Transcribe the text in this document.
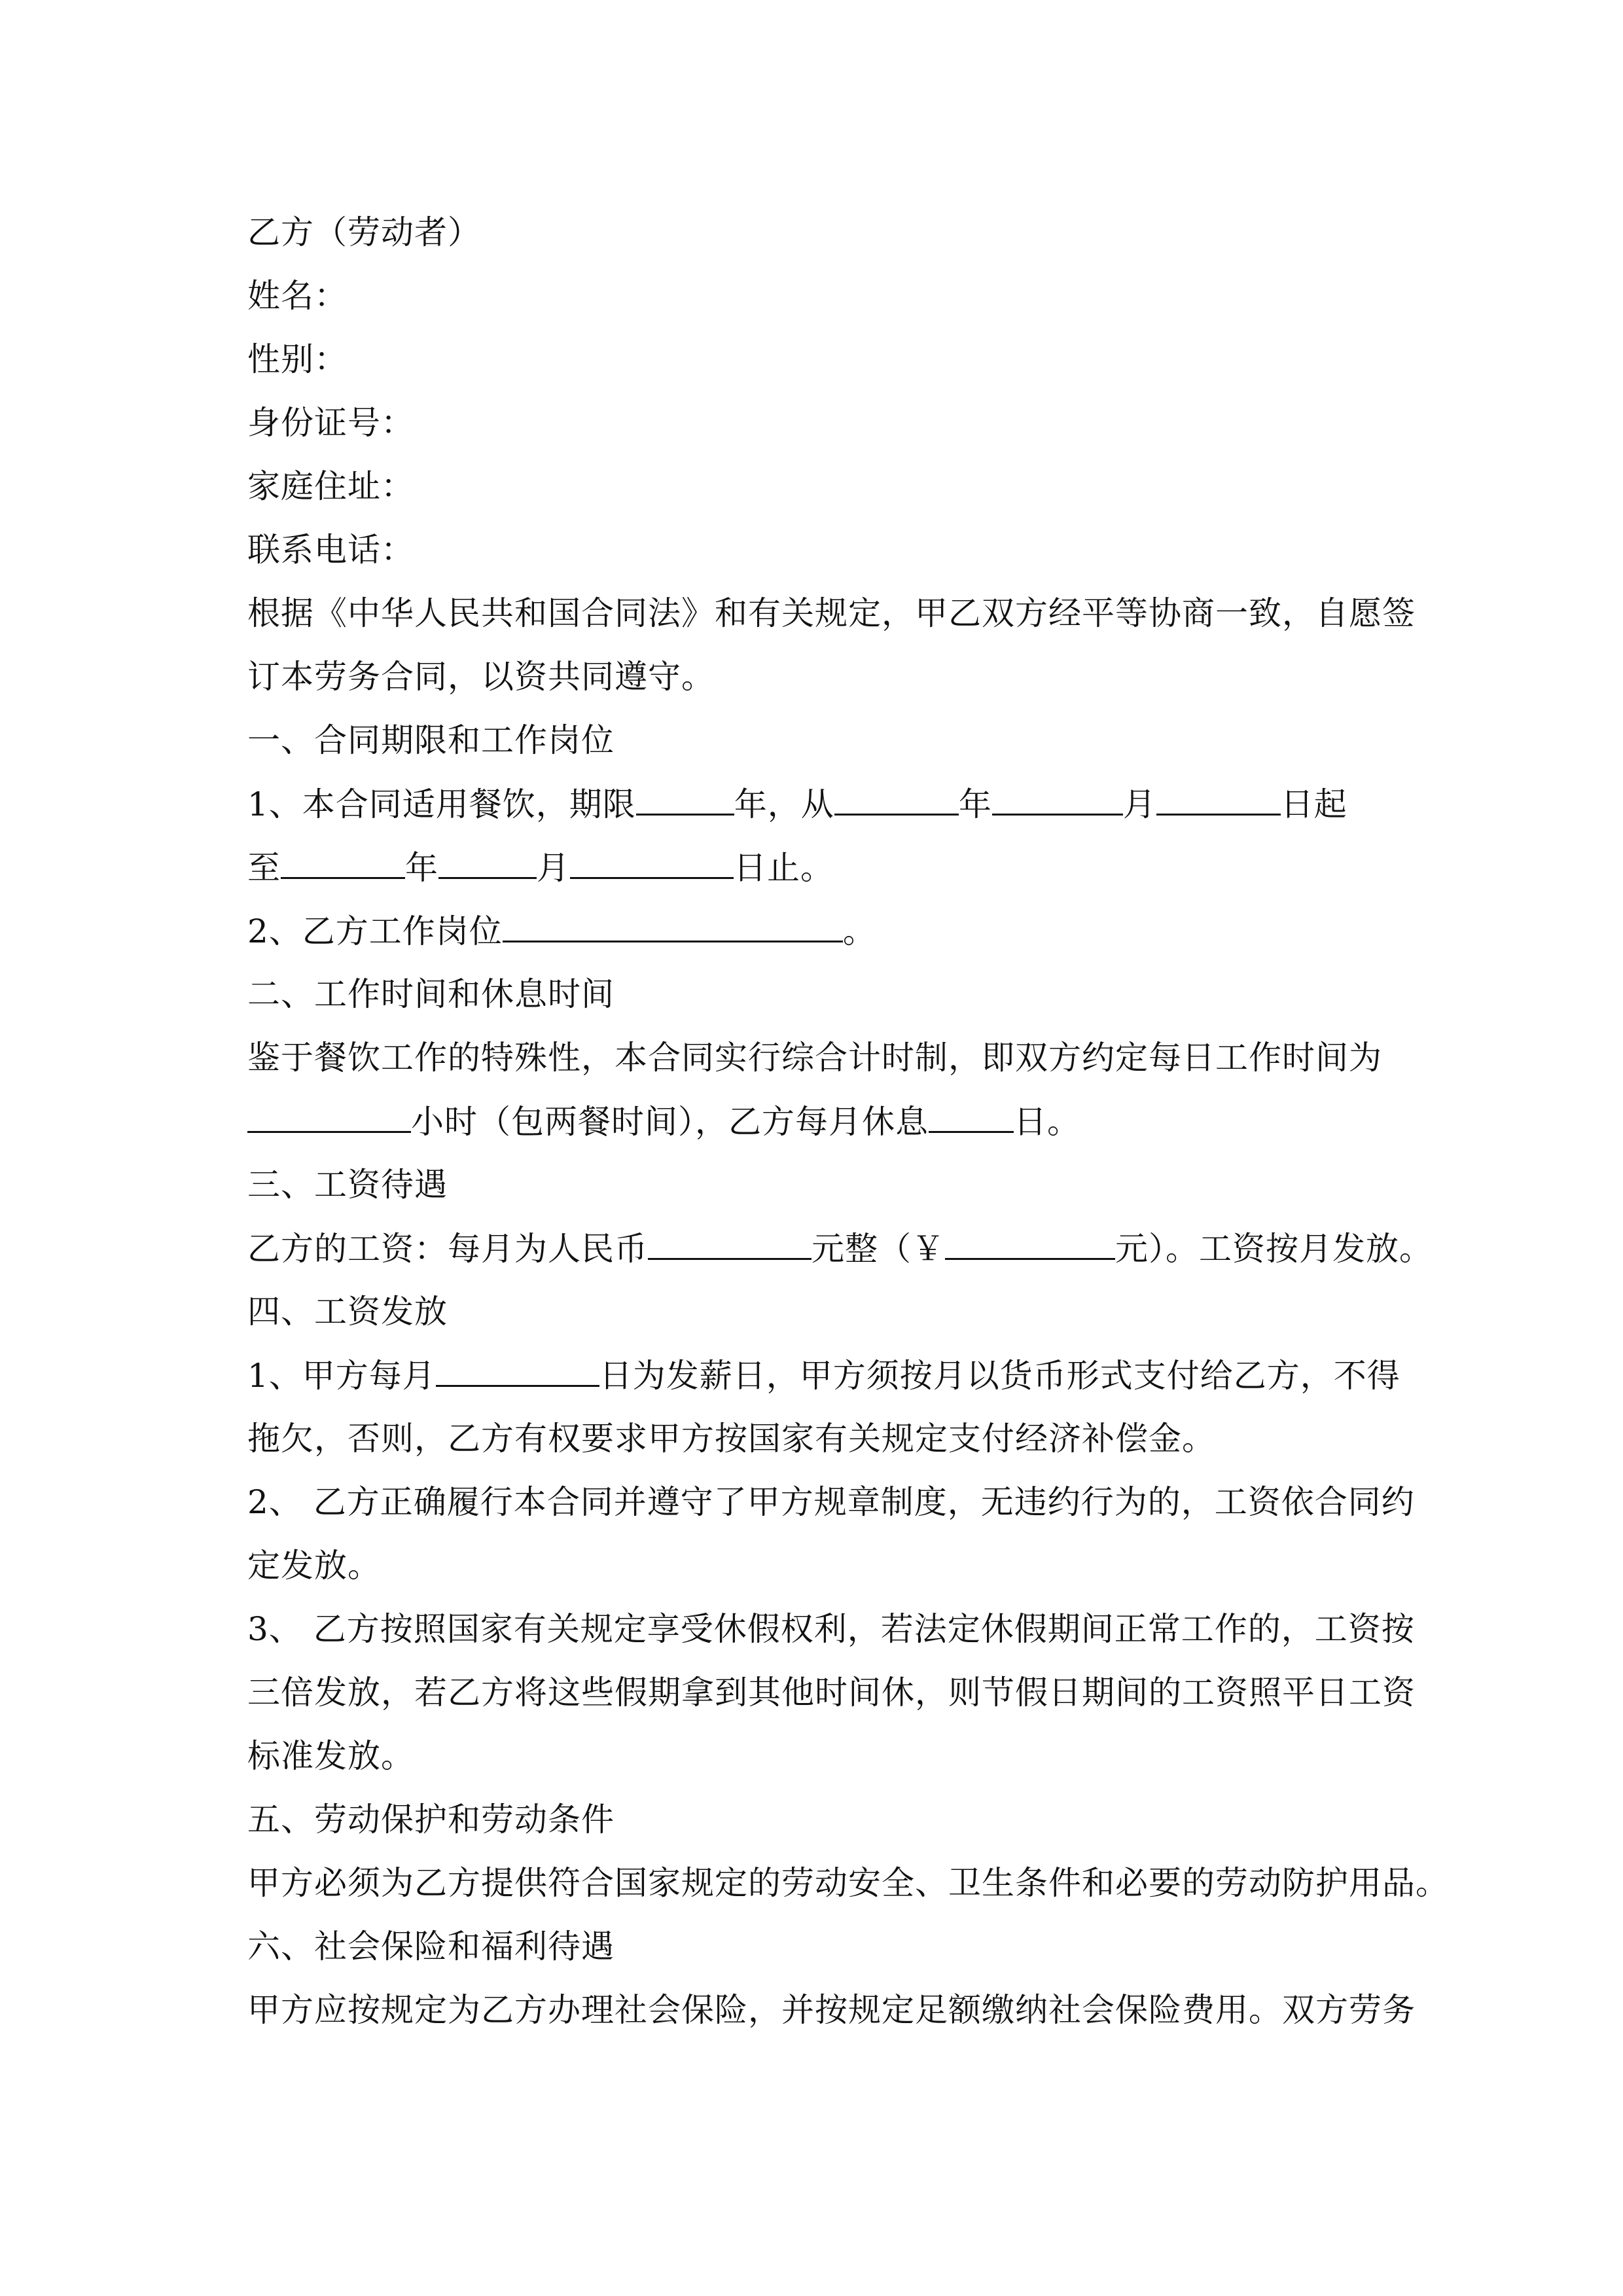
乙方（劳动者）
姓名：
性别：
身份证号：
家庭住址：
联系电话：
根据《中华人民共和国合同法》和有关规定，甲乙双方经平等协商一致，自愿签
订本劳务合同，以资共同遵守。
一、合同期限和工作岗位
1、本合同适用餐饮，期限	年，从	年	月	日起
至	年	月	日止。
2、乙方工作岗位	。
二、工作时间和休息时间
鉴于餐饮工作的特殊性，本合同实行综合计时制，即双方约定每日工作时间为
小时（包两餐时间），乙方每月休息	日。
三、工资待遇
乙方的工资：每月为人民币	元整（￥	元）。工资按月发放。
四、工资发放
1、甲方每月	日为发薪日，甲方须按月以货币形式支付给乙方，不得
拖欠，否则，乙方有权要求甲方按国家有关规定支付经济补偿金。
2、 乙方正确履行本合同并遵守了甲方规章制度，无违约行为的，工资依合同约
定发放。
3、 乙方按照国家有关规定享受休假权利，若法定休假期间正常工作的，工资按
三倍发放，若乙方将这些假期拿到其他时间休，则节假日期间的工资照平日工资
标准发放。
五、劳动保护和劳动条件
甲方必须为乙方提供符合国家规定的劳动安全、卫生条件和必要的劳动防护用品。
六、社会保险和福利待遇
甲方应按规定为乙方办理社会保险，并按规定足额缴纳社会保险费用。双方劳务
